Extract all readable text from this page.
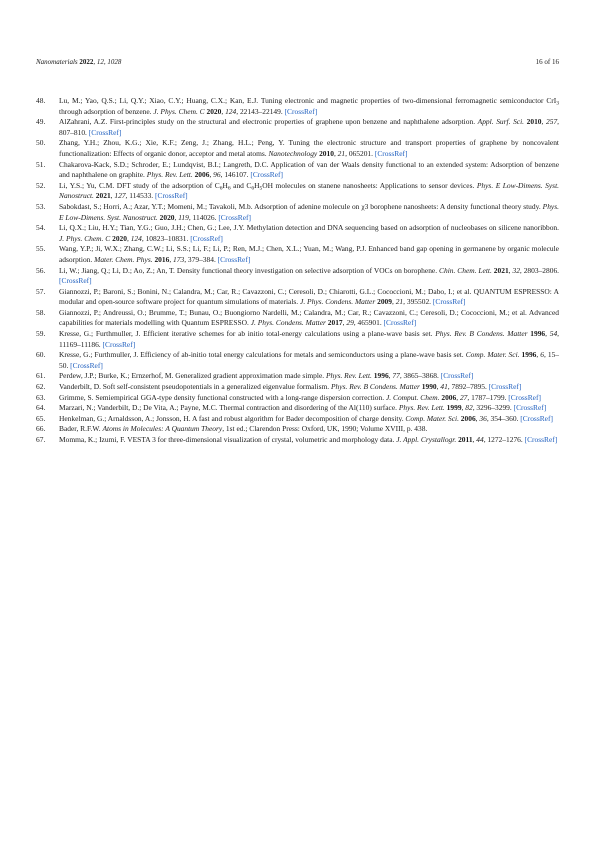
Nanomaterials 2022, 12, 1028	16 of 16

48.	Lu, M.; Yao, Q.S.; Li, Q.Y.; Xiao, C.Y.; Huang, C.X.; Kan, E.J. Tuning electronic and magnetic properties of two-dimensional ferromagnetic semiconductor CrI$_3$ through adsorption of benzene. J. Phys. Chem. C 2020, 124, 22143–22149. [CrossRef]

49.	AlZahrani, A.Z. First-principles study on the structural and electronic properties of graphene upon benzene and naphthalene adsorption. Appl. Surf. Sci. 2010, 257, 807–810. [CrossRef]

50.	Zhang, Y.H.; Zhou, K.G.; Xie, K.F.; Zeng, J.; Zhang, H.L.; Peng, Y. Tuning the electronic structure and transport properties of graphene by noncovalent functionalization: Effects of organic donor, acceptor and metal atoms. Nanotechnology 2010, 21, 065201. [CrossRef]

51.	Chakarova-Kack, S.D.; Schroder, E.; Lundqvist, B.I.; Langreth, D.C. Application of van der Waals density functional to an extended system: Adsorption of benzene and naphthalene on graphite. Phys. Rev. Lett. 2006, 96, 146107. [CrossRef]

52.	Li, Y.S.; Yu, C.M. DFT study of the adsorption of $C_6H_6$ and $C_6H_5OH$ molecules on stanene nanosheets: Applications to sensor devices. Phys. E Low-Dimens. Syst. Nanostruct. 2021, 127, 114533. [CrossRef]

53.	Sabokdast, S.; Horri, A.; Azar, Y.T.; Momeni, M.; Tavakoli, M.b. Adsorption of adenine molecule on χ3 borophene nanosheets: A density functional theory study. Phys. E Low-Dimens. Syst. Nanostruct. 2020, 119, 114026. [CrossRef]

54.	Li, Q.X.; Liu, H.Y.; Tian, Y.G.; Guo, J.H.; Chen, G.; Lee, J.Y. Methylation detection and DNA sequencing based on adsorption of nucleobases on silicene nanoribbon. J. Phys. Chem. C 2020, 124, 10823–10831. [CrossRef]

55.	Wang, Y.P.; Ji, W.X.; Zhang, C.W.; Li, S.S.; Li, F.; Li, P.; Ren, M.J.; Chen, X.L.; Yuan, M.; Wang, P.J. Enhanced band gap opening in germanene by organic molecule adsorption. Mater. Chem. Phys. 2016, 173, 379–384. [CrossRef]

56.	Li, W.; Jiang, Q.; Li, D.; Ao, Z.; An, T. Density functional theory investigation on selective adsorption of VOCs on borophene. Chin. Chem. Lett. 2021, 32, 2803–2806. [CrossRef]

57.	Giannozzi, P.; Baroni, S.; Bonini, N.; Calandra, M.; Car, R.; Cavazzoni, C.; Ceresoli, D.; Chiarotti, G.L.; Cococcioni, M.; Dabo, I.; et al. QUANTUM ESPRESSO: A modular and open-source software project for quantum simulations of materials. J. Phys. Condens. Matter 2009, 21, 395502. [CrossRef]

58.	Giannozzi, P.; Andreussi, O.; Brumme, T.; Bunau, O.; Buongiorno Nardelli, M.; Calandra, M.; Car, R.; Cavazzoni, C.; Ceresoli, D.; Cococcioni, M.; et al. Advanced capabilities for materials modelling with Quantum ESPRESSO. J. Phys. Condens. Matter 2017, 29, 465901. [CrossRef]

59.	Kresse, G.; Furthmuller, J. Efficient iterative schemes for ab initio total-energy calculations using a plane-wave basis set. Phys. Rev. B Condens. Matter 1996, 54, 11169–11186. [CrossRef]

60.	Kresse, G.; Furthmuller, J. Efficiency of ab-initio total energy calculations for metals and semiconductors using a plane-wave basis set. Comp. Mater. Sci. 1996, 6, 15–50. [CrossRef]

61.	Perdew, J.P.; Burke, K.; Ernzerhof, M. Generalized gradient approximation made simple. Phys. Rev. Lett. 1996, 77, 3865–3868. [CrossRef]

62.	Vanderbilt, D. Soft self-consistent pseudopotentials in a generalized eigenvalue formalism. Phys. Rev. B Condens. Matter 1990, 41, 7892–7895. [CrossRef]

63.	Grimme, S. Semiempirical GGA-type density functional constructed with a long-range dispersion correction. J. Comput. Chem. 2006, 27, 1787–1799. [CrossRef]

64.	Marzari, N.; Vanderbilt, D.; De Vita, A.; Payne, M.C. Thermal contraction and disordering of the Al(110) surface. Phys. Rev. Lett. 1999, 82, 3296–3299. [CrossRef]

65.	Henkelman, G.; Arnaldsson, A.; Jonsson, H. A fast and robust algorithm for Bader decomposition of charge density. Comp. Mater. Sci. 2006, 36, 354–360. [CrossRef]

66.	Bader, R.F.W. Atoms in Molecules: A Quantum Theory, 1st ed.; Clarendon Press: Oxford, UK, 1990; Volume XVIII, p. 438.

67.	Momma, K.; Izumi, F. VESTA 3 for three-dimensional visualization of crystal, volumetric and morphology data. J. Appl. Crystallogr. 2011, 44, 1272–1276. [CrossRef]
